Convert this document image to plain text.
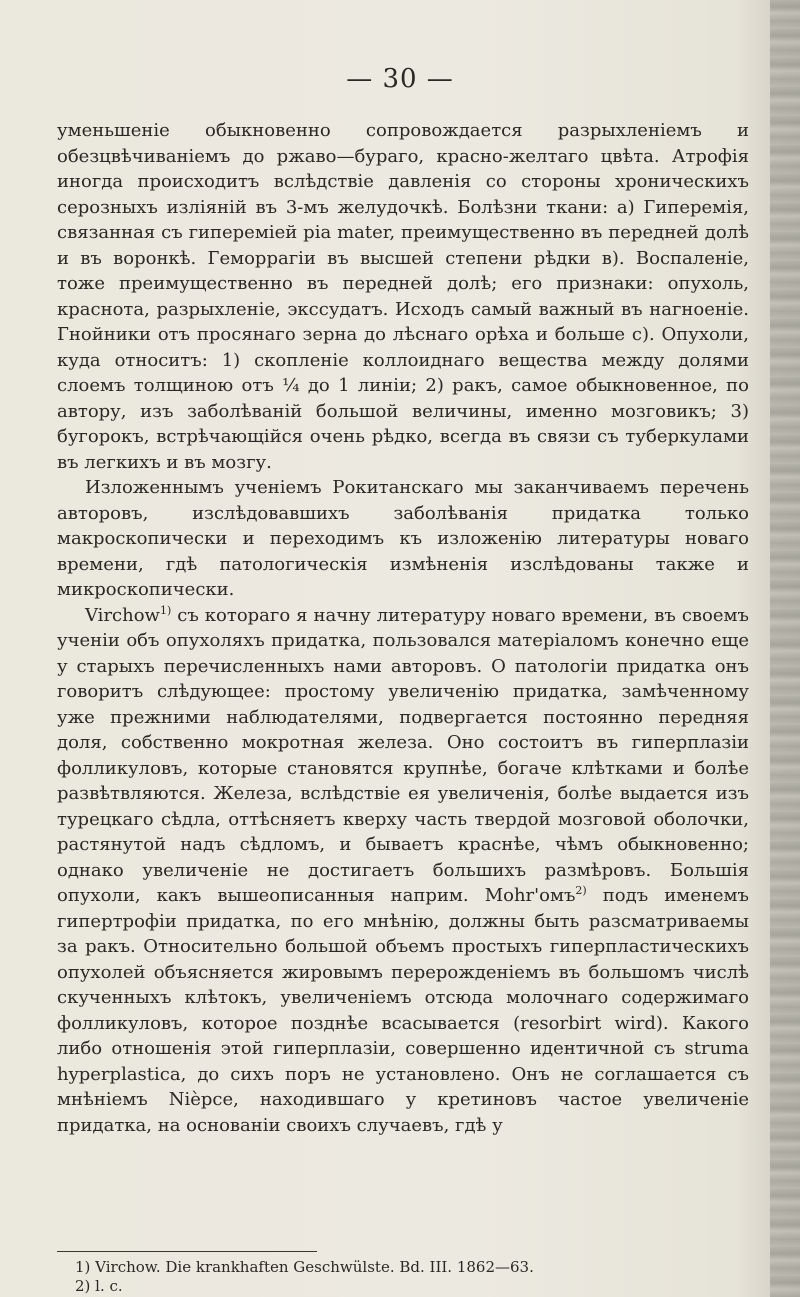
— 30 —

уменьшеніе обыкновенно сопровождается разрыхленіемъ и обезцвѣчиваніемъ до ржаво—бураго, красно-желтаго цвѣта. Атрофія иногда происходитъ вслѣдствіе давленія со стороны хроническихъ серозныхъ изліяній въ 3-мъ желудочкѣ. Болѣзни ткани: а) Гиперемія, связанная съ гипереміей pia mater, преимущественно въ передней долѣ и въ воронкѣ. Геморрагіи въ высшей степени рѣдки в). Воспаленіе, тоже преимущественно въ передней долѣ; его признаки: опухоль, краснота, разрыхленіе, экссудатъ. Исходъ самый важный въ нагноеніе. Гнойники отъ просянаго зерна до лѣснаго орѣха и больше с). Опухоли, куда относитъ: 1) скопленіе коллоиднаго вещества между долями слоемъ толщиною отъ ¼ до 1 линіи; 2) ракъ, самое обыкновенное, по автору, изъ заболѣваній большой величины, именно мозговикъ; 3) бугорокъ, встрѣчающійся очень рѣдко, всегда въ связи съ туберкулами въ легкихъ и въ мозгу.

Изложеннымъ ученіемъ Рокитанскаго мы заканчиваемъ перечень авторовъ, изслѣдовавшихъ заболѣванія придатка только макроскопически и переходимъ къ изложенію литературы новаго времени, гдѣ патологическія измѣненія изслѣдованы также и микроскопически.

Virchow$^{1)}$ съ котораго я начну литературу новаго времени, въ своемъ ученіи объ опухоляхъ придатка, пользовался матеріаломъ конечно еще у старыхъ перечисленныхъ нами авторовъ. О патологіи придатка онъ говоритъ слѣдующее: простому увеличенію придатка, замѣченному уже прежними наблюдателями, подвергается постоянно передняя доля, собственно мокротная железа. Оно состоитъ въ гиперплазіи фолликуловъ, которые становятся крупнѣе, богаче клѣтками и болѣе развѣтвляются. Железа, вслѣдствіе ея увеличенія, болѣе выдается изъ турецкаго сѣдла, оттѣсняетъ кверху часть твердой мозговой оболочки, растянутой надъ сѣдломъ, и бываетъ краснѣе, чѣмъ обыкновенно; однако увеличеніе не достигаетъ большихъ размѣровъ. Большія опухоли, какъ вышеописанныя наприм. Mohr'омъ$^{2)}$ подъ именемъ гипертрофіи придатка, по его мнѣнію, должны быть разсматриваемы за ракъ. Относительно большой объемъ простыхъ гиперпластическихъ опухолей объясняется жировымъ перерожденіемъ въ большомъ числѣ скученныхъ клѣтокъ, увеличеніемъ отсюда молочнаго содержимаго фолликуловъ, которое позднѣе всасывается (resorbirt wird). Какого либо отношенія этой гиперплазіи, совершенно идентичной съ struma hyperplastica, до сихъ поръ не установлено. Онъ не соглашается съ мнѣніемъ Nièpce, находившаго у кретиновъ частое увеличеніе придатка, на основаніи своихъ случаевъ, гдѣ у

1) Virchow. Die krankhaften Geschwülste. Bd. III. 1862—63.
2) l. c.
